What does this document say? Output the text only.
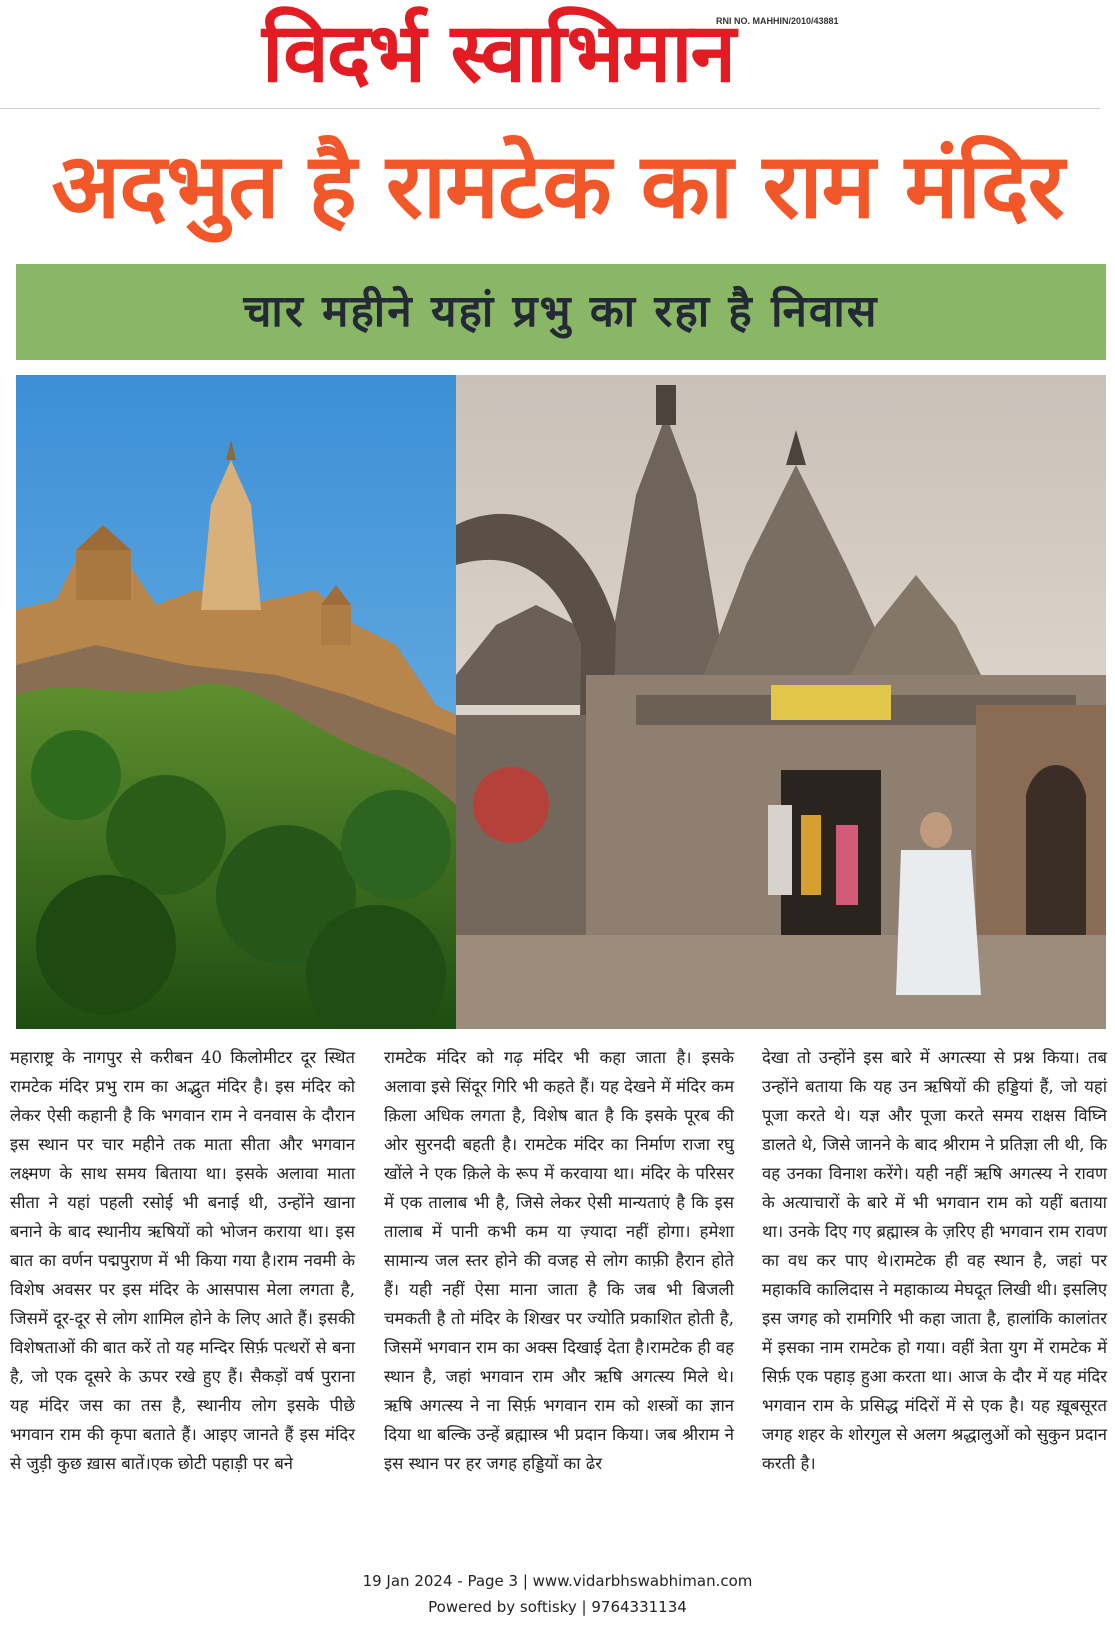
विदर्भ स्वाभिमान
RNI NO. MAHHIN/2010/43881
अदभुत है रामटेक का राम मंदिर
चार महीने यहां प्रभु का रहा है निवास
महाराष्ट्र के नागपुर से करीबन 40 किलोमीटर दूर स्थित रामटेक मंदिर प्रभु राम का अद्भुत मंदिर है। इस मंदिर को लेकर ऐसी कहानी है कि भगवान राम ने वनवास के दौरान इस स्थान पर चार महीने तक माता सीता और भगवान लक्ष्मण के साथ समय बिताया था। इसके अलावा माता सीता ने यहां पहली रसोई भी बनाई थी, उन्होंने खाना बनाने के बाद स्थानीय ऋषियों को भोजन कराया था। इस बात का वर्णन पद्मपुराण में भी किया गया है।राम नवमी के विशेष अवसर पर इस मंदिर के आसपास मेला लगता है, जिसमें दूर-दूर से लोग शामिल होने के लिए आते हैं। इसकी विशेषताओं की बात करें तो यह मन्दिर सिर्फ़ पत्थरों से बना है, जो एक दूसरे के ऊपर रखे हुए हैं। सैकड़ों वर्ष पुराना यह मंदिर जस का तस है, स्थानीय लोग इसके पीछे भगवान राम की कृपा बताते हैं। आइए जानते हैं इस मंदिर से जुड़ी कुछ ख़ास बातें।एक छोटी पहाड़ी पर बने
रामटेक मंदिर को गढ़ मंदिर भी कहा जाता है। इसके अलावा इसे सिंदूर गिरि भी कहते हैं। यह देखने में मंदिर कम क़िला अधिक लगता है, विशेष बात है कि इसके पूरब की ओर सुरनदी बहती है। रामटेक मंदिर का निर्माण राजा रघु खोंले ने एक क़िले के रूप में करवाया था। मंदिर के परिसर में एक तालाब भी है, जिसे लेकर ऐसी मान्यताएं है कि इस तालाब में पानी कभी कम या ज़्यादा नहीं होगा। हमेशा सामान्य जल स्तर होने की वजह से लोग काफ़ी हैरान होते हैं। यही नहीं ऐसा माना जाता है कि जब भी बिजली चमकती है तो मंदिर के शिखर पर ज्योति प्रकाशित होती है, जिसमें भगवान राम का अक्स दिखाई देता है।रामटेक ही वह स्थान है, जहां भगवान राम और ऋषि अगत्स्य मिले थे। ऋषि अगत्स्य ने ना सिर्फ़ भगवान राम को शस्त्रों का ज्ञान दिया था बल्कि उन्हें ब्रह्मास्त्र भी प्रदान किया। जब श्रीराम ने इस स्थान पर हर जगह हड्डियों का ढेर
देखा तो उन्होंने इस बारे में अगत्स्या से प्रश्न किया। तब उन्होंने बताया कि यह उन ऋषियों की हड्डियां हैं, जो यहां पूजा करते थे। यज्ञ और पूजा करते समय राक्षस विघ्नि डालते थे, जिसे जानने के बाद श्रीराम ने प्रतिज्ञा ली थी, कि वह उनका विनाश करेंगे। यही नहीं ऋषि अगत्स्य ने रावण के अत्याचारों के बारे में भी भगवान राम को यहीं बताया था। उनके दिए गए ब्रह्मास्त्र के ज़रिए ही भगवान राम रावण का वध कर पाए थे।रामटेक ही वह स्थान है, जहां पर महाकवि कालिदास ने महाकाव्य मेघदूत लिखी थी। इसलिए इस जगह को रामगिरि भी कहा जाता है, हालांकि कालांतर में इसका नाम रामटेक हो गया। वहीं त्रेता युग में रामटेक में सिर्फ़ एक पहाड़ हुआ करता था। आज के दौर में यह मंदिर भगवान राम के प्रसिद्ध मंदिरों में से एक है। यह ख़ूबसूरत जगह शहर के शोरगुल से अलग श्रद्धालुओं को सुकुन प्रदान करती है।
19 Jan 2024 - Page 3 | www.vidarbhswabhiman.com
Powered by softisky | 9764331134
